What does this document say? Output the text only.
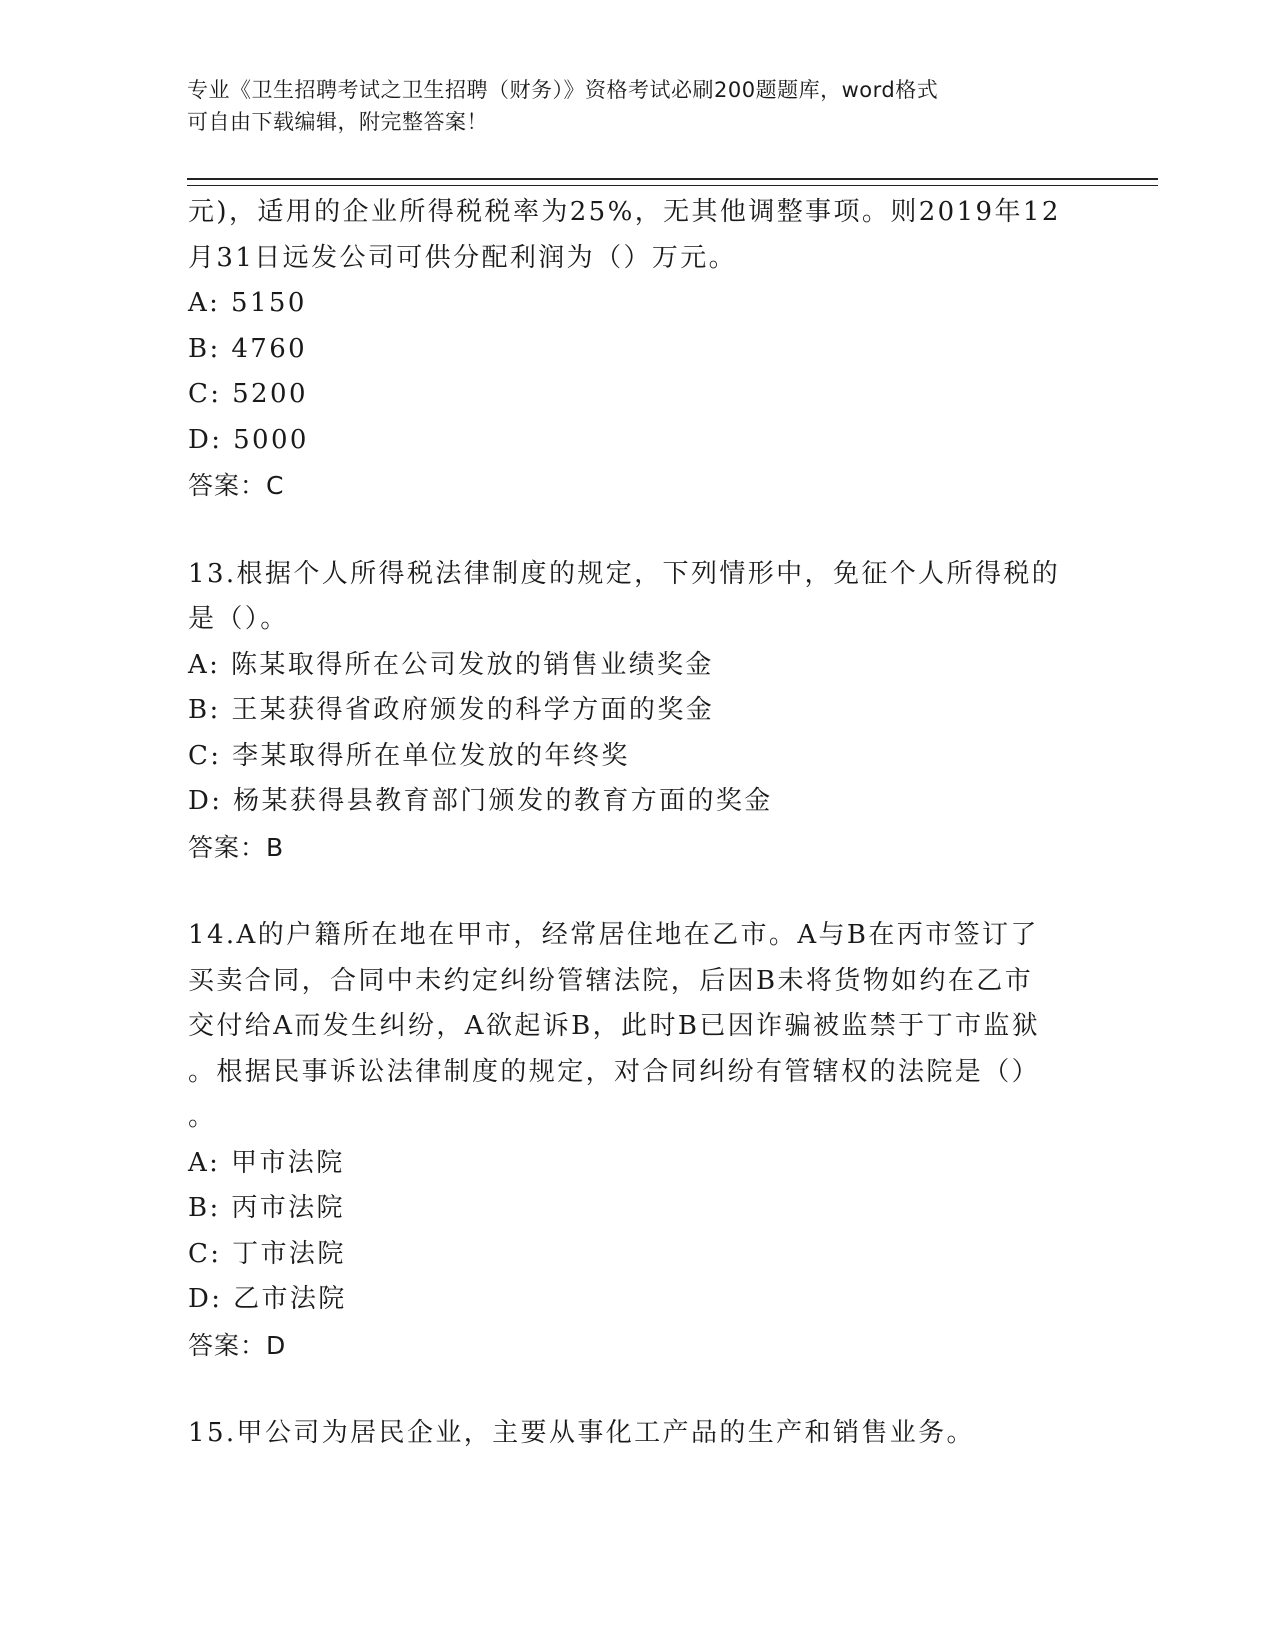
专业《卫生招聘考试之卫生招聘（财务）》资格考试必刷200题题库，word格式
可自由下载编辑，附完整答案！
元)，适用的企业所得税税率为25%，无其他调整事项。则2019年12
月31日远发公司可供分配利润为（）万元。
A: 5150
B: 4760
C: 5200
D: 5000
答案：C
13.根据个人所得税法律制度的规定，下列情形中，免征个人所得税的
是（）。
A: 陈某取得所在公司发放的销售业绩奖金
B: 王某获得省政府颁发的科学方面的奖金
C: 李某取得所在单位发放的年终奖
D: 杨某获得县教育部门颁发的教育方面的奖金
答案：B
14.A的户籍所在地在甲市，经常居住地在乙市。A与B在丙市签订了
买卖合同，合同中未约定纠纷管辖法院，后因B未将货物如约在乙市
交付给A而发生纠纷，A欲起诉B，此时B已因诈骗被监禁于丁市监狱
。根据民事诉讼法律制度的规定，对合同纠纷有管辖权的法院是（）
。
A: 甲市法院
B: 丙市法院
C: 丁市法院
D: 乙市法院
答案：D
15.甲公司为居民企业，主要从事化工产品的生产和销售业务。
